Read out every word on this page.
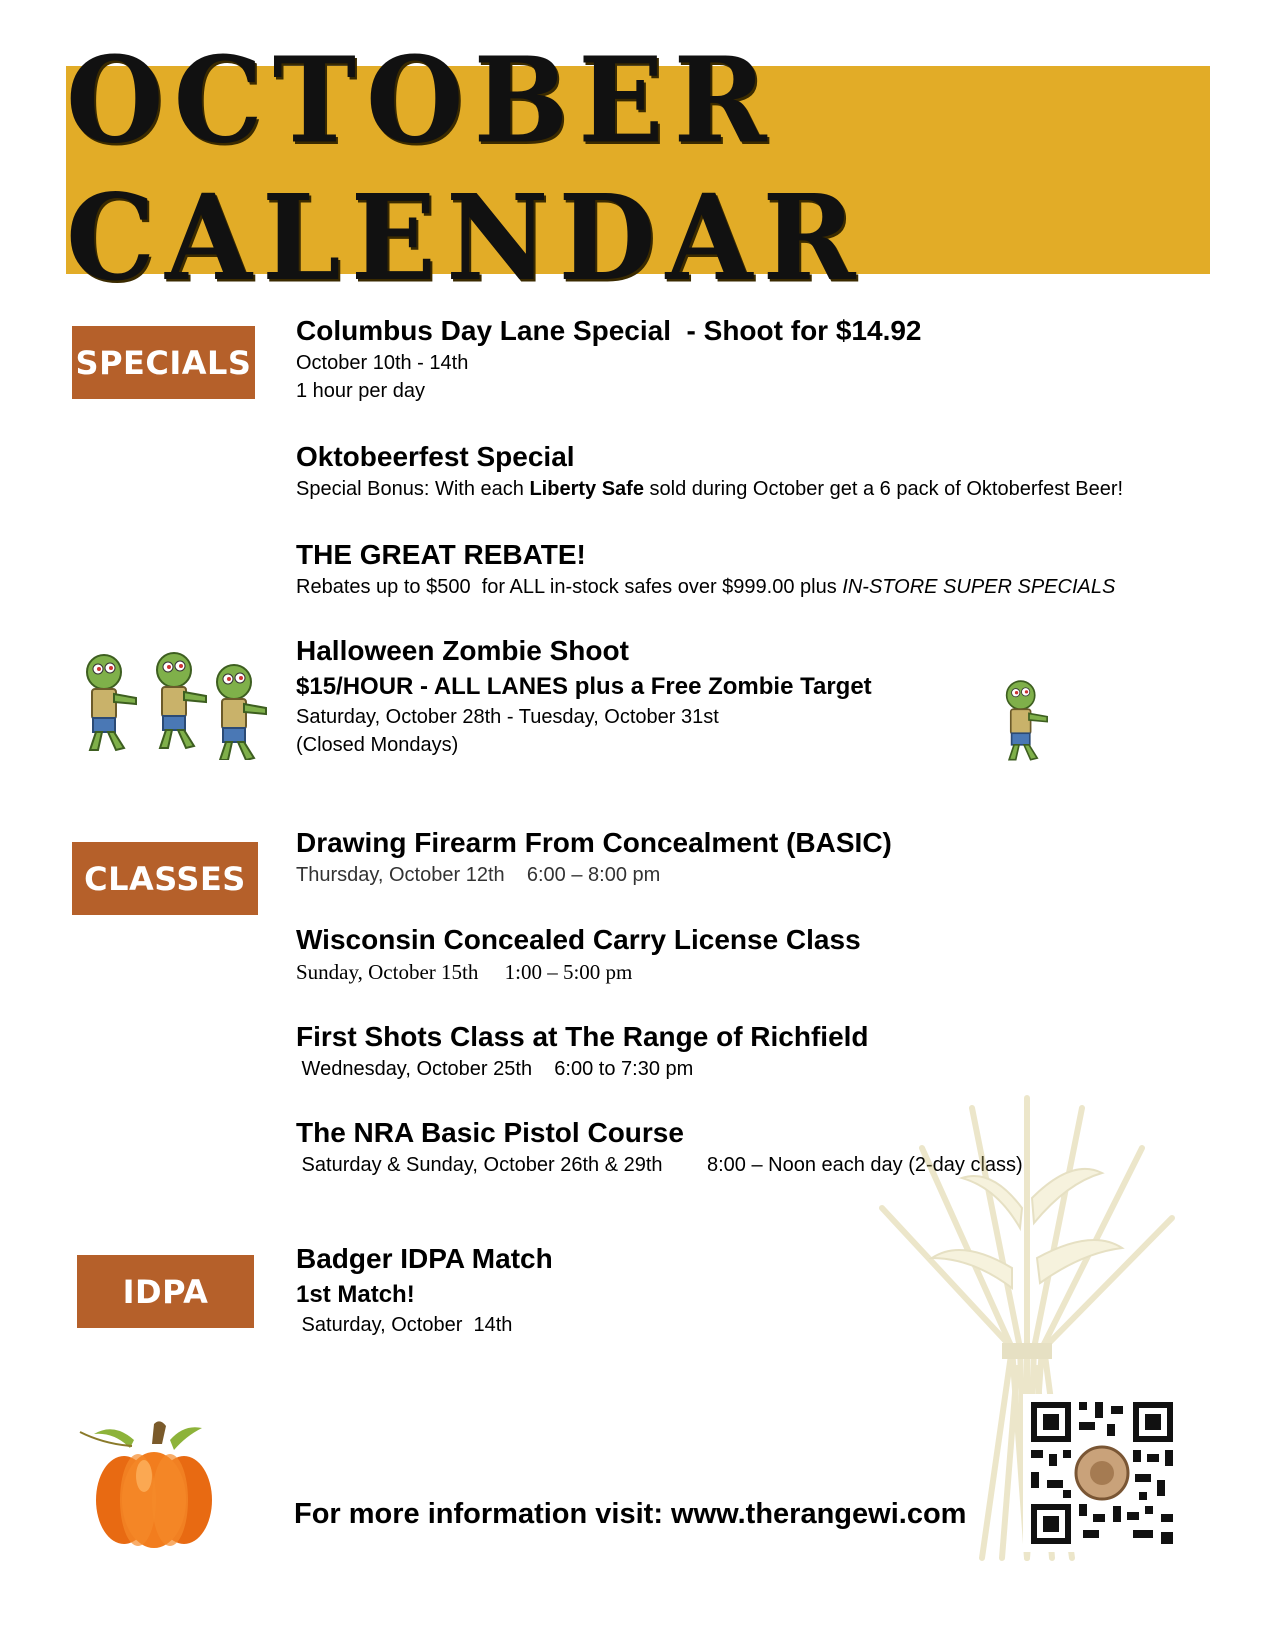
OCTOBER CALENDAR
SPECIALS
CLASSES
IDPA
Columbus Day Lane Special  - Shoot for $14.92
October 10th - 14th
1 hour per day
Oktobeerfest Special
Special Bonus: With each Liberty Safe sold during October get a 6 pack of Oktoberfest Beer!
THE GREAT REBATE!
Rebates up to $500  for ALL in-stock safes over $999.00 plus IN-STORE SUPER SPECIALS
Halloween Zombie Shoot
$15/HOUR - ALL LANES plus a Free Zombie Target
Saturday, October 28th - Tuesday, October 31st
(Closed Mondays)
Drawing Firearm From Concealment (BASIC)
Thursday, October 12th    6:00 – 8:00 pm
Wisconsin Concealed Carry License Class
Sunday, October 15th     1:00 – 5:00 pm
First Shots Class at The Range of Richfield
Wednesday, October 25th    6:00 to 7:30 pm
The NRA Basic Pistol Course
Saturday & Sunday, October 26th & 29th        8:00 – Noon each day (2-day class)
Badger IDPA Match
1st Match!
Saturday, October  14th
For more information visit: www.therangewi.com
